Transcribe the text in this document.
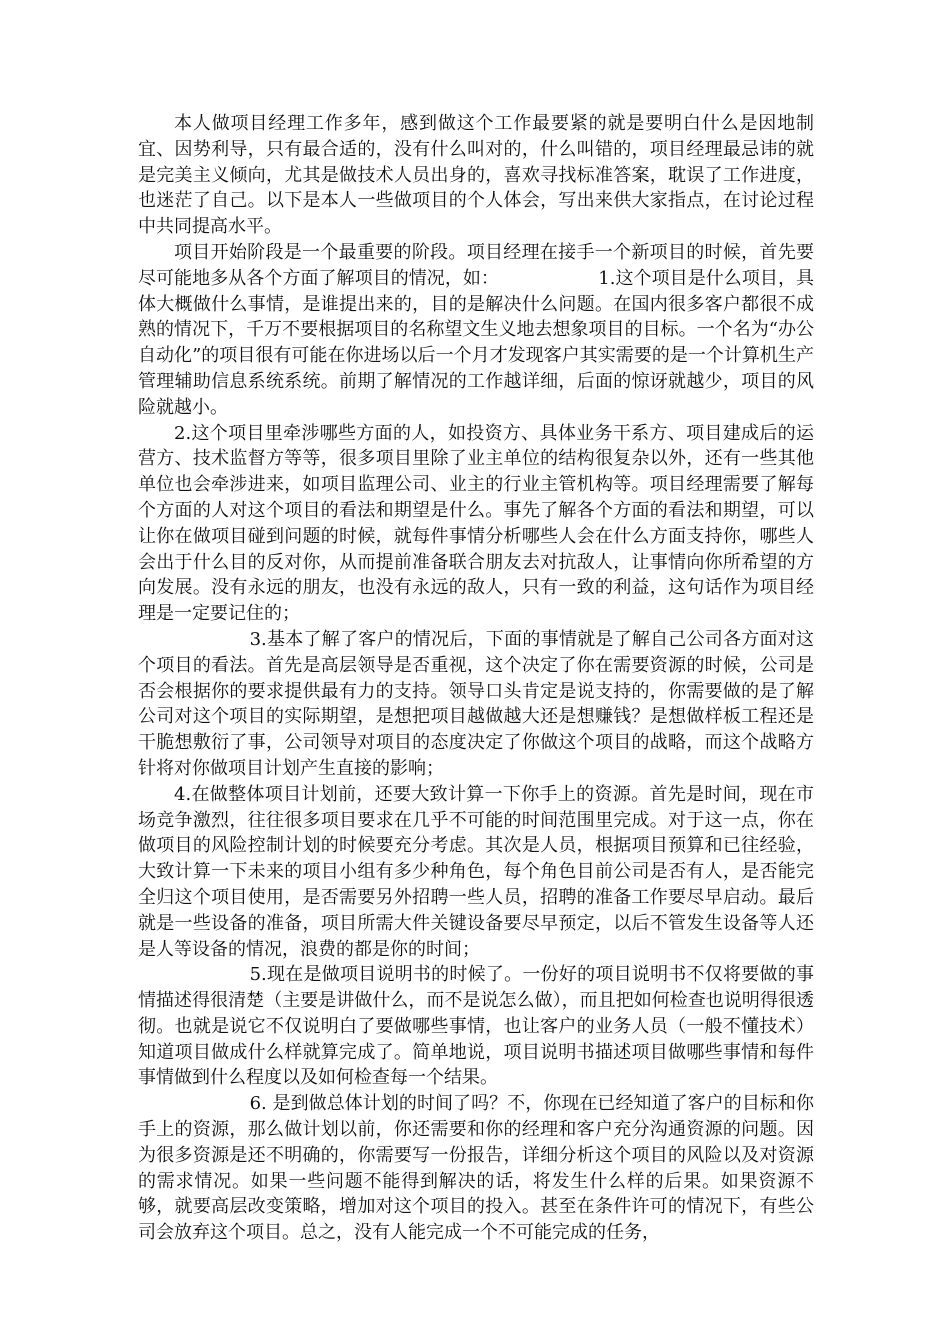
本人做项目经理工作多年，感到做这个工作最要紧的就是要明白什么是因地制宜、因势利导，只有最合适的，没有什么叫对的，什么叫错的，项目经理最忌讳的就是完美主义倾向，尤其是做技术人员出身的，喜欢寻找标准答案，耽误了工作进度，也迷茫了自己。以下是本人一些做项目的个人体会，写出来供大家指点，在讨论过程中共同提高水平。

项目开始阶段是一个最重要的阶段。项目经理在接手一个新项目的时候，首先要尽可能地多从各个方面了解项目的情况，如：　　　　　　1.这个项目是什么项目，具体大概做什么事情，是谁提出来的，目的是解决什么问题。在国内很多客户都很不成熟的情况下，千万不要根据项目的名称望文生义地去想象项目的目标。一个名为“办公自动化”的项目很有可能在你进场以后一个月才发现客户其实需要的是一个计算机生产管理辅助信息系统系统。前期了解情况的工作越详细，后面的惊讶就越少，项目的风险就越小。

2.这个项目里牵涉哪些方面的人，如投资方、具体业务干系方、项目建成后的运营方、技术监督方等等，很多项目里除了业主单位的结构很复杂以外，还有一些其他单位也会牵涉进来，如项目监理公司、业主的行业主管机构等。项目经理需要了解每个方面的人对这个项目的看法和期望是什么。事先了解各个方面的看法和期望，可以让你在做项目碰到问题的时候，就每件事情分析哪些人会在什么方面支持你，哪些人会出于什么目的反对你，从而提前准备联合朋友去对抗敌人，让事情向你所希望的方向发展。没有永远的朋友，也没有永远的敌人，只有一致的利益，这句话作为项目经理是一定要记住的；

3.基本了解了客户的情况后，下面的事情就是了解自己公司各方面对这个项目的看法。首先是高层领导是否重视，这个决定了你在需要资源的时候，公司是否会根据你的要求提供最有力的支持。领导口头肯定是说支持的，你需要做的是了解公司对这个项目的实际期望，是想把项目越做越大还是想赚钱？是想做样板工程还是干脆想敷衍了事，公司领导对项目的态度决定了你做这个项目的战略，而这个战略方针将对你做项目计划产生直接的影响；

4.在做整体项目计划前，还要大致计算一下你手上的资源。首先是时间，现在市场竞争激烈，往往很多项目要求在几乎不可能的时间范围里完成。对于这一点，你在做项目的风险控制计划的时候要充分考虑。其次是人员，根据项目预算和已往经验，大致计算一下未来的项目小组有多少种角色，每个角色目前公司是否有人，是否能完全归这个项目使用，是否需要另外招聘一些人员，招聘的准备工作要尽早启动。最后就是一些设备的准备，项目所需大件关键设备要尽早预定，以后不管发生设备等人还是人等设备的情况，浪费的都是你的时间；

5.现在是做项目说明书的时候了。一份好的项目说明书不仅将要做的事情描述得很清楚（主要是讲做什么，而不是说怎么做），而且把如何检查也说明得很透彻。也就是说它不仅说明白了要做哪些事情，也让客户的业务人员（一般不懂技术）知道项目做成什么样就算完成了。简单地说，项目说明书描述项目做哪些事情和每件事情做到什么程度以及如何检查每一个结果。

6. 是到做总体计划的时间了吗？不，你现在已经知道了客户的目标和你手上的资源，那么做计划以前，你还需要和你的经理和客户充分沟通资源的问题。因为很多资源是还不明确的，你需要写一份报告，详细分析这个项目的风险以及对资源的需求情况。如果一些问题不能得到解决的话，将发生什么样的后果。如果资源不够，就要高层改变策略，增加对这个项目的投入。甚至在条件许可的情况下，有些公司会放弃这个项目。总之，没有人能完成一个不可能完成的任务，
